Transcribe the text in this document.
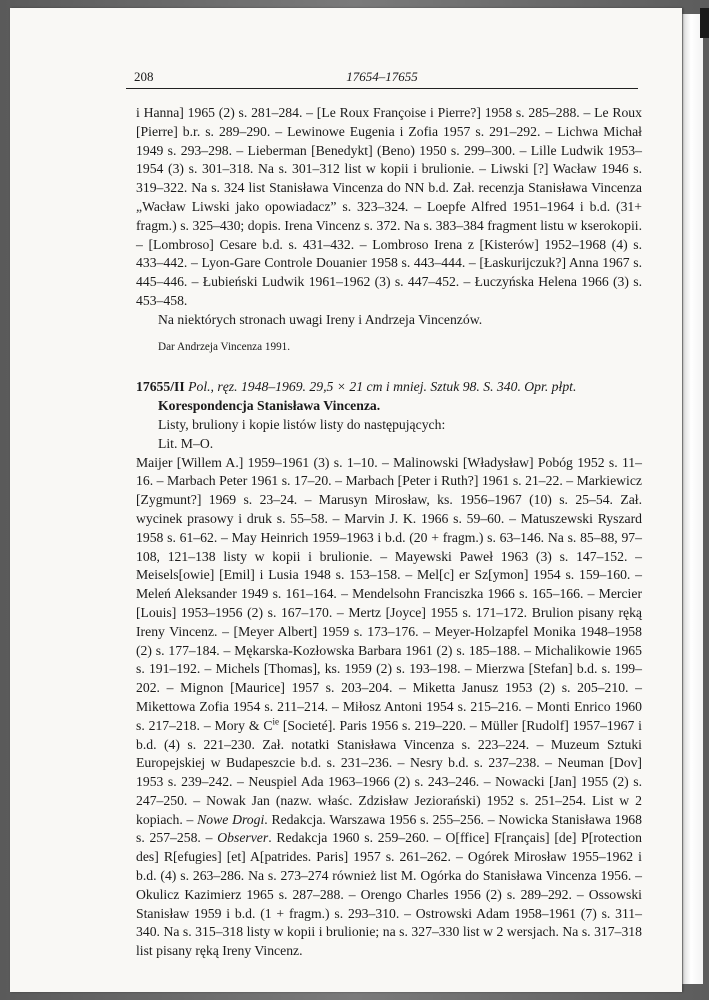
208	17654–17655

i Hanna] 1965 (2) s. 281–284. – [Le Roux Françoise i Pierre?] 1958 s. 285–288. – Le Roux [Pierre] b.r. s. 289–290. – Lewinowe Eugenia i Zofia 1957 s. 291–292. – Lichwa Michał 1949 s. 293–298. – Lieberman [Benedykt] (Beno) 1950 s. 299–300. – Lille Ludwik 1953–1954 (3) s. 301–318. Na s. 301–312 list w kopii i brulionie. – Liwski [?] Wacław 1946 s. 319–322. Na s. 324 list Stanisława Vincenza do NN b.d. Zał. recenzja Stanisława Vincenza „Wacław Liwski jako opowiadacz” s. 323–324. – Loepfe Alfred 1951–1964 i b.d. (31+ fragm.) s. 325–430; dopis. Irena Vincenz s. 372. Na s. 383–384 fragment listu w kserokopii. – [Lombroso] Cesare b.d. s. 431–432. – Lombroso Irena z [Kisterów] 1952–1968 (4) s. 433–442. – Lyon-Gare Controle Douanier 1958 s. 443–444. – [Łaskurijczuk?] Anna 1967 s. 445–446. – Łubieński Ludwik 1961–1962 (3) s. 447–452. – Łuczyńska Helena 1966 (3) s. 453–458.

Na niektórych stronach uwagi Ireny i Andrzeja Vincenzów.

Dar Andrzeja Vincenza 1991.

17655/II Pol., ręz. 1948–1969. 29,5 × 21 cm i mniej. Sztuk 98. S. 340. Opr. płpt.

Korespondencja Stanisława Vincenza.

Listy, bruliony i kopie listów listy do następujących:

Lit. M–O.

Maijer [Willem A.] 1959–1961 (3) s. 1–10. – Malinowski [Władysław] Pobóg 1952 s. 11–16. – Marbach Peter 1961 s. 17–20. – Marbach [Peter i Ruth?] 1961 s. 21–22. – Markiewicz [Zygmunt?] 1969 s. 23–24. – Marusyn Mirosław, ks. 1956–1967 (10) s. 25–54. Zał. wycinek prasowy i druk s. 55–58. – Marvin J. K. 1966 s. 59–60. – Matuszewski Ryszard 1958 s. 61–62. – May Heinrich 1959–1963 i b.d. (20 + fragm.) s. 63–146. Na s. 85–88, 97–108, 121–138 listy w kopii i brulionie. – Mayewski Paweł 1963 (3) s. 147–152. – Meisels[owie] [Emil] i Lusia 1948 s. 153–158. – Mel[c] er Sz[ymon] 1954 s. 159–160. – Meleń Aleksander 1949 s. 161–164. – Mendelsohn Franciszka 1966 s. 165–166. – Mercier [Louis] 1953–1956 (2) s. 167–170. – Mertz [Joyce] 1955 s. 171–172. Brulion pisany ręką Ireny Vincenz. – [Meyer Albert] 1959 s. 173–176. – Meyer-Holzapfel Monika 1948–1958 (2) s. 177–184. – Mękarska-Kozłowska Barbara 1961 (2) s. 185–188. – Michalikowie 1965 s. 191–192. – Michels [Thomas], ks. 1959 (2) s. 193–198. – Mierzwa [Stefan] b.d. s. 199–202. – Mignon [Maurice] 1957 s. 203–204. – Miketta Janusz 1953 (2) s. 205–210. – Mikettowa Zofia 1954 s. 211–214. – Miłosz Antoni 1954 s. 215–216. – Monti Enrico 1960 s. 217–218. – Mory & $C^{ie}$ [Societé]. Paris 1956 s. 219–220. – Müller [Rudolf] 1957–1967 i b.d. (4) s. 221–230. Zał. notatki Stanisława Vincenza s. 223–224. – Muzeum Sztuki Europejskiej w Budapeszcie b.d. s. 231–236. – Nesry b.d. s. 237–238. – Neuman [Dov] 1953 s. 239–242. – Neuspiel Ada 1963–1966 (2) s. 243–246. – Nowacki [Jan] 1955 (2) s. 247–250. – Nowak Jan (nazw. właśc. Zdzisław Jeziorański) 1952 s. 251–254. List w 2 kopiach. – Nowe Drogi. Redakcja. Warszawa 1956 s. 255–256. – Nowicka Stanisława 1968 s. 257–258. – Observer. Redakcja 1960 s. 259–260. – O[ffice] F[rançais] [de] P[rotection des] R[efugies] [et] A[patrides. Paris] 1957 s. 261–262. – Ogórek Mirosław 1955–1962 i b.d. (4) s. 263–286. Na s. 273–274 również list M. Ogórka do Stanisława Vincenza 1956. – Okulicz Kazimierz 1965 s. 287–288. – Orengo Charles 1956 (2) s. 289–292. – Ossowski Stanisław 1959 i b.d. (1 + fragm.) s. 293–310. – Ostrowski Adam 1958–1961 (7) s. 311–340. Na s. 315–318 listy w kopii i brulionie; na s. 327–330 list w 2 wersjach. Na s. 317–318 list pisany ręką Ireny Vincenz.
